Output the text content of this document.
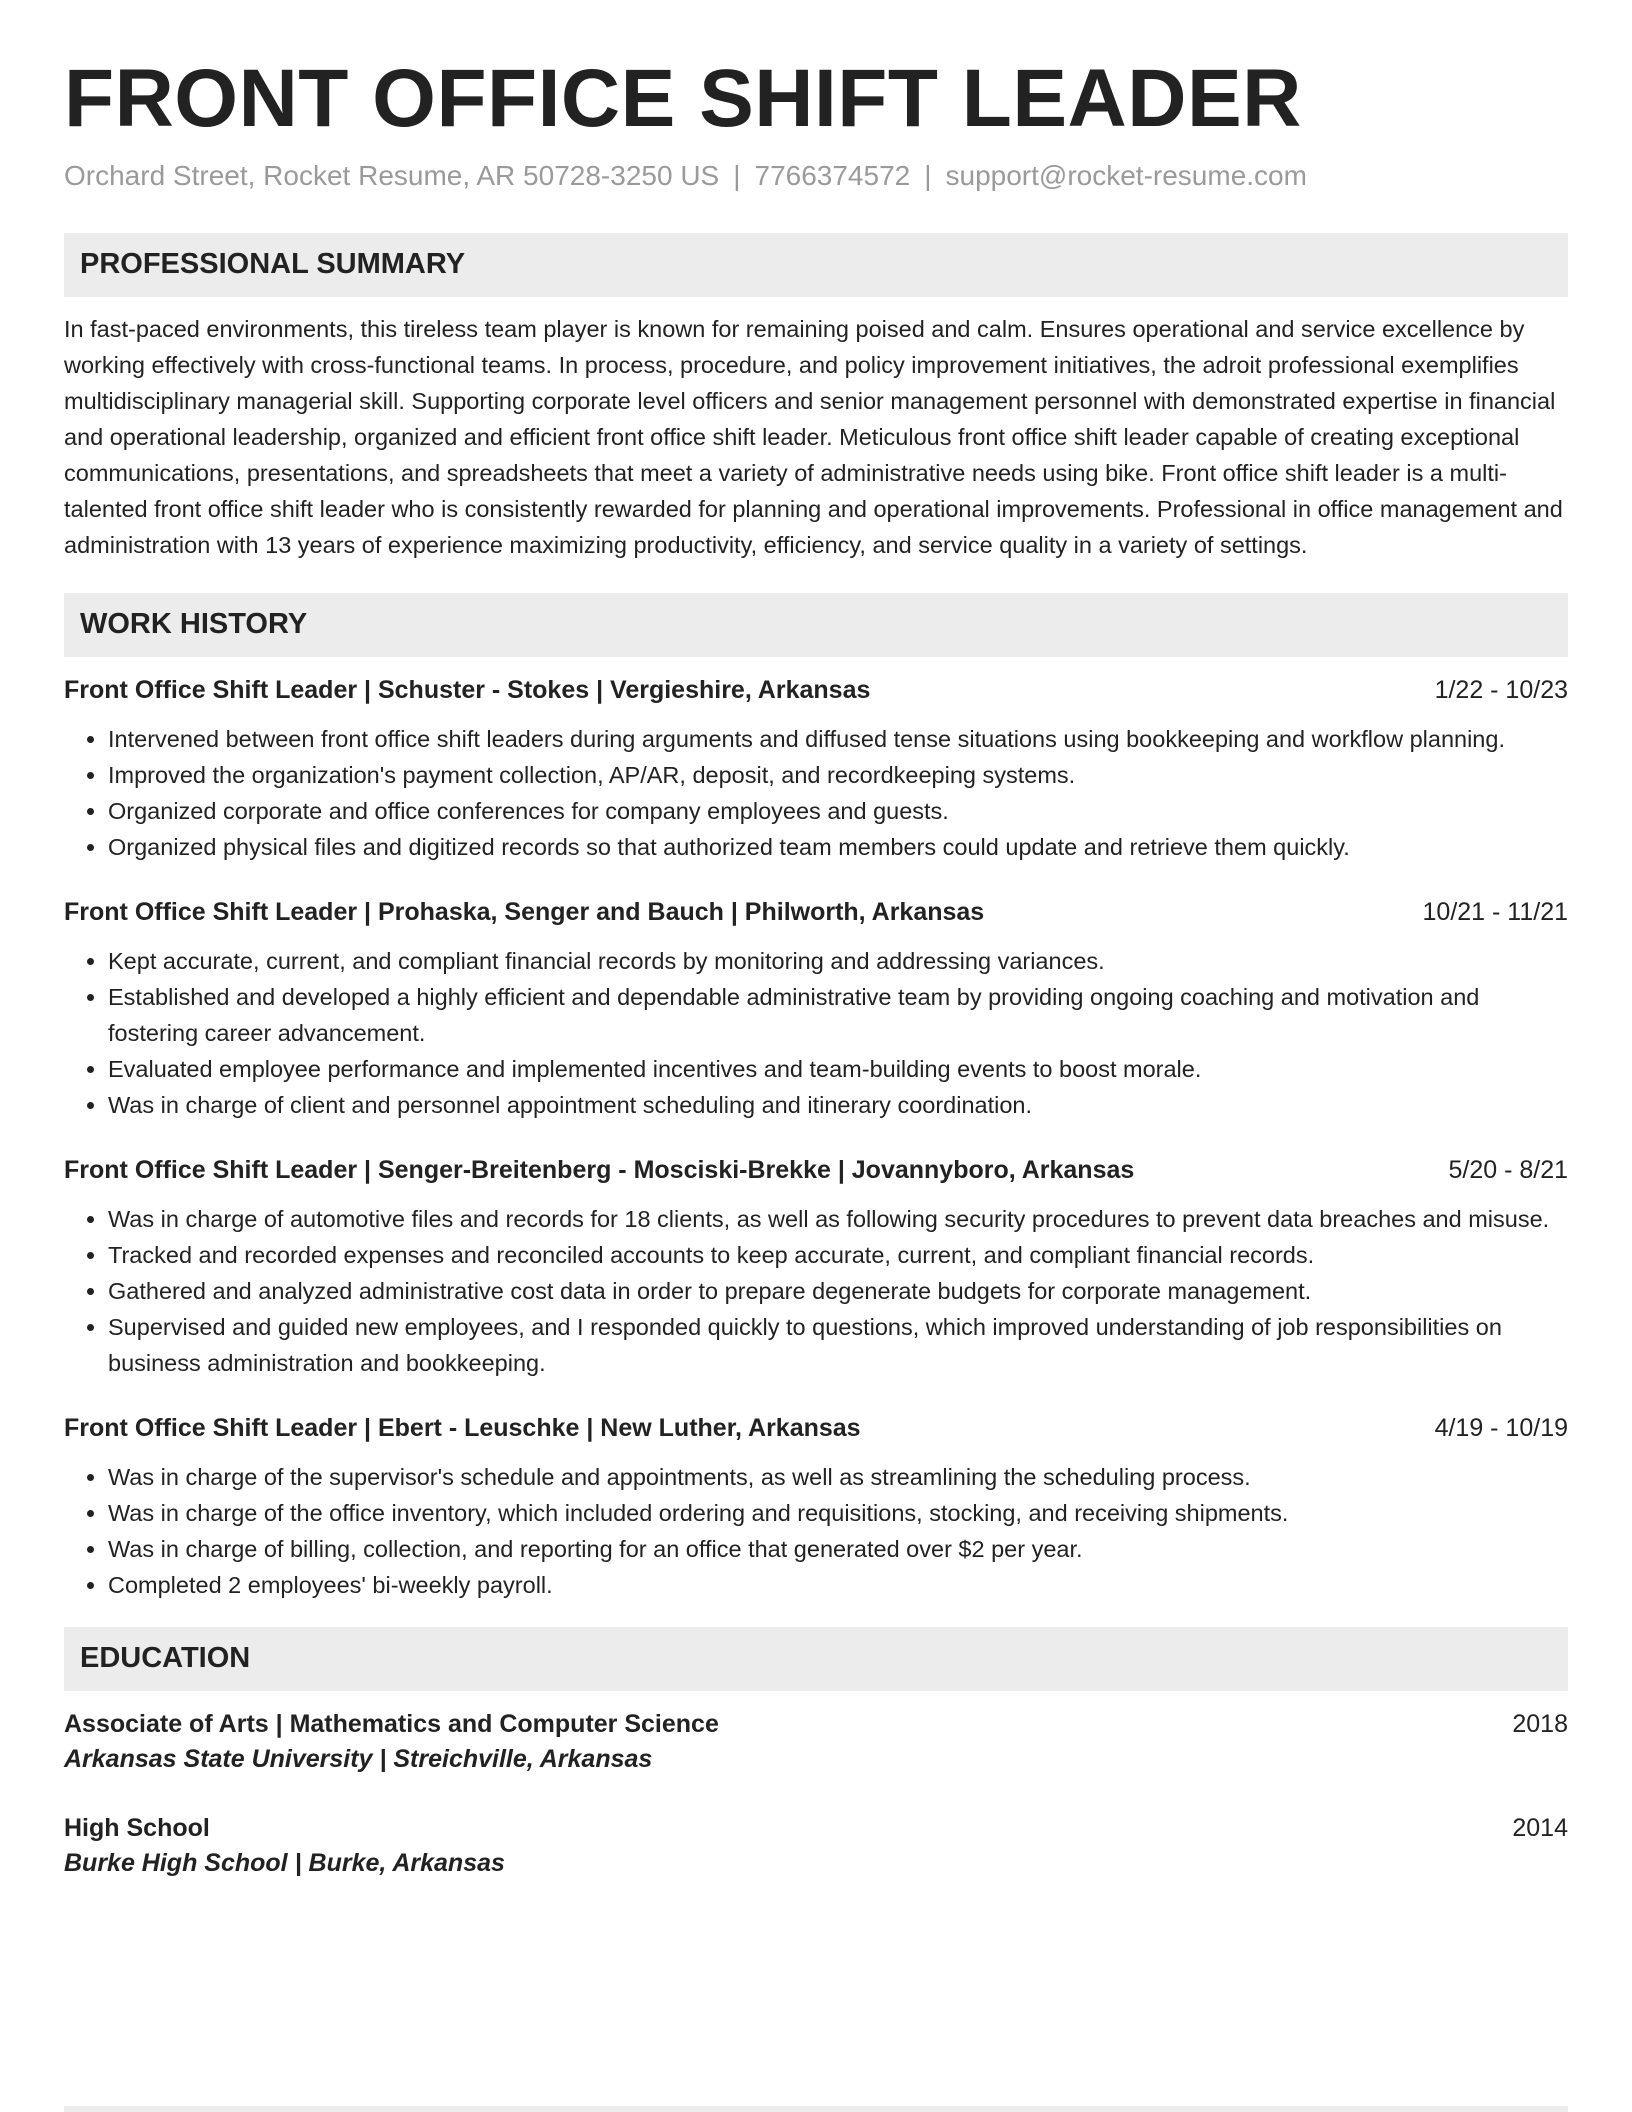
FRONT OFFICE SHIFT LEADER
Orchard Street, Rocket Resume, AR 50728-3250 US | 7766374572 | support@rocket-resume.com
PROFESSIONAL SUMMARY

In fast-paced environments, this tireless team player is known for remaining poised and calm. Ensures operational and service excellence by working effectively with cross-functional teams. In process, procedure, and policy improvement initiatives, the adroit professional exemplifies multidisciplinary managerial skill. Supporting corporate level officers and senior management personnel with demonstrated expertise in financial and operational leadership, organized and efficient front office shift leader. Meticulous front office shift leader capable of creating exceptional communications, presentations, and spreadsheets that meet a variety of administrative needs using bike. Front office shift leader is a multi-talented front office shift leader who is consistently rewarded for planning and operational improvements. Professional in office management and administration with 13 years of experience maximizing productivity, efficiency, and service quality in a variety of settings.

WORK HISTORY
Front Office Shift Leader | Schuster - Stokes | Vergieshire, Arkansas	1/22 - 10/23
• Intervened between front office shift leaders during arguments and diffused tense situations using bookkeeping and workflow planning.
• Improved the organization's payment collection, AP/AR, deposit, and recordkeeping systems.
• Organized corporate and office conferences for company employees and guests.
• Organized physical files and digitized records so that authorized team members could update and retrieve them quickly.
Front Office Shift Leader | Prohaska, Senger and Bauch | Philworth, Arkansas	10/21 - 11/21
• Kept accurate, current, and compliant financial records by monitoring and addressing variances.
• Established and developed a highly efficient and dependable administrative team by providing ongoing coaching and motivation and fostering career advancement.
• Evaluated employee performance and implemented incentives and team-building events to boost morale.
• Was in charge of client and personnel appointment scheduling and itinerary coordination.
Front Office Shift Leader | Senger-Breitenberg - Mosciski-Brekke | Jovannyboro, Arkansas	5/20 - 8/21
• Was in charge of automotive files and records for 18 clients, as well as following security procedures to prevent data breaches and misuse.
• Tracked and recorded expenses and reconciled accounts to keep accurate, current, and compliant financial records.
• Gathered and analyzed administrative cost data in order to prepare degenerate budgets for corporate management.
• Supervised and guided new employees, and I responded quickly to questions, which improved understanding of job responsibilities on business administration and bookkeeping.
Front Office Shift Leader | Ebert - Leuschke | New Luther, Arkansas	4/19 - 10/19
• Was in charge of the supervisor's schedule and appointments, as well as streamlining the scheduling process.
• Was in charge of the office inventory, which included ordering and requisitions, stocking, and receiving shipments.
• Was in charge of billing, collection, and reporting for an office that generated over $2 per year.
• Completed 2 employees' bi-weekly payroll.
EDUCATION
Associate of Arts | Mathematics and Computer Science	2018
Arkansas State University | Streichville, Arkansas
High School	2014
Burke High School | Burke, Arkansas
